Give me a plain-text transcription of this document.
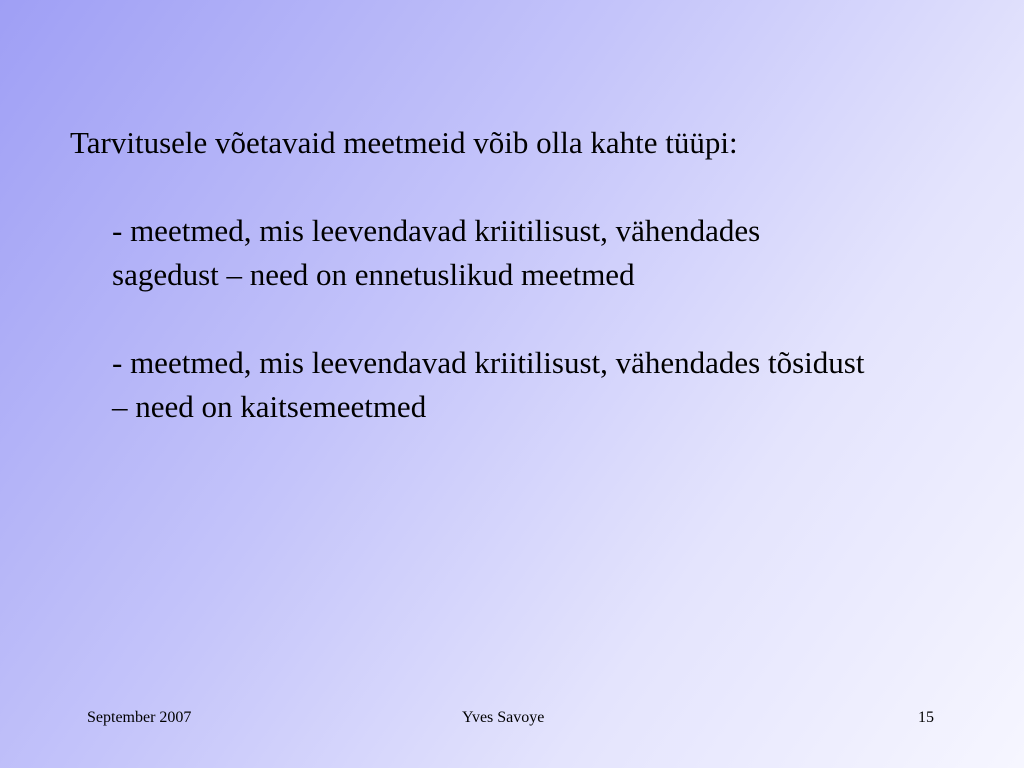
Tarvitusele võetavaid meetmeid võib olla kahte tüüpi:

- meetmed, mis leevendavad kriitilisust, vähendades sagedust – need on ennetuslikud meetmed

- meetmed, mis leevendavad kriitilisust, vähendades tõsidust – need on kaitsemeetmed

September 2007	Yves Savoye	15
